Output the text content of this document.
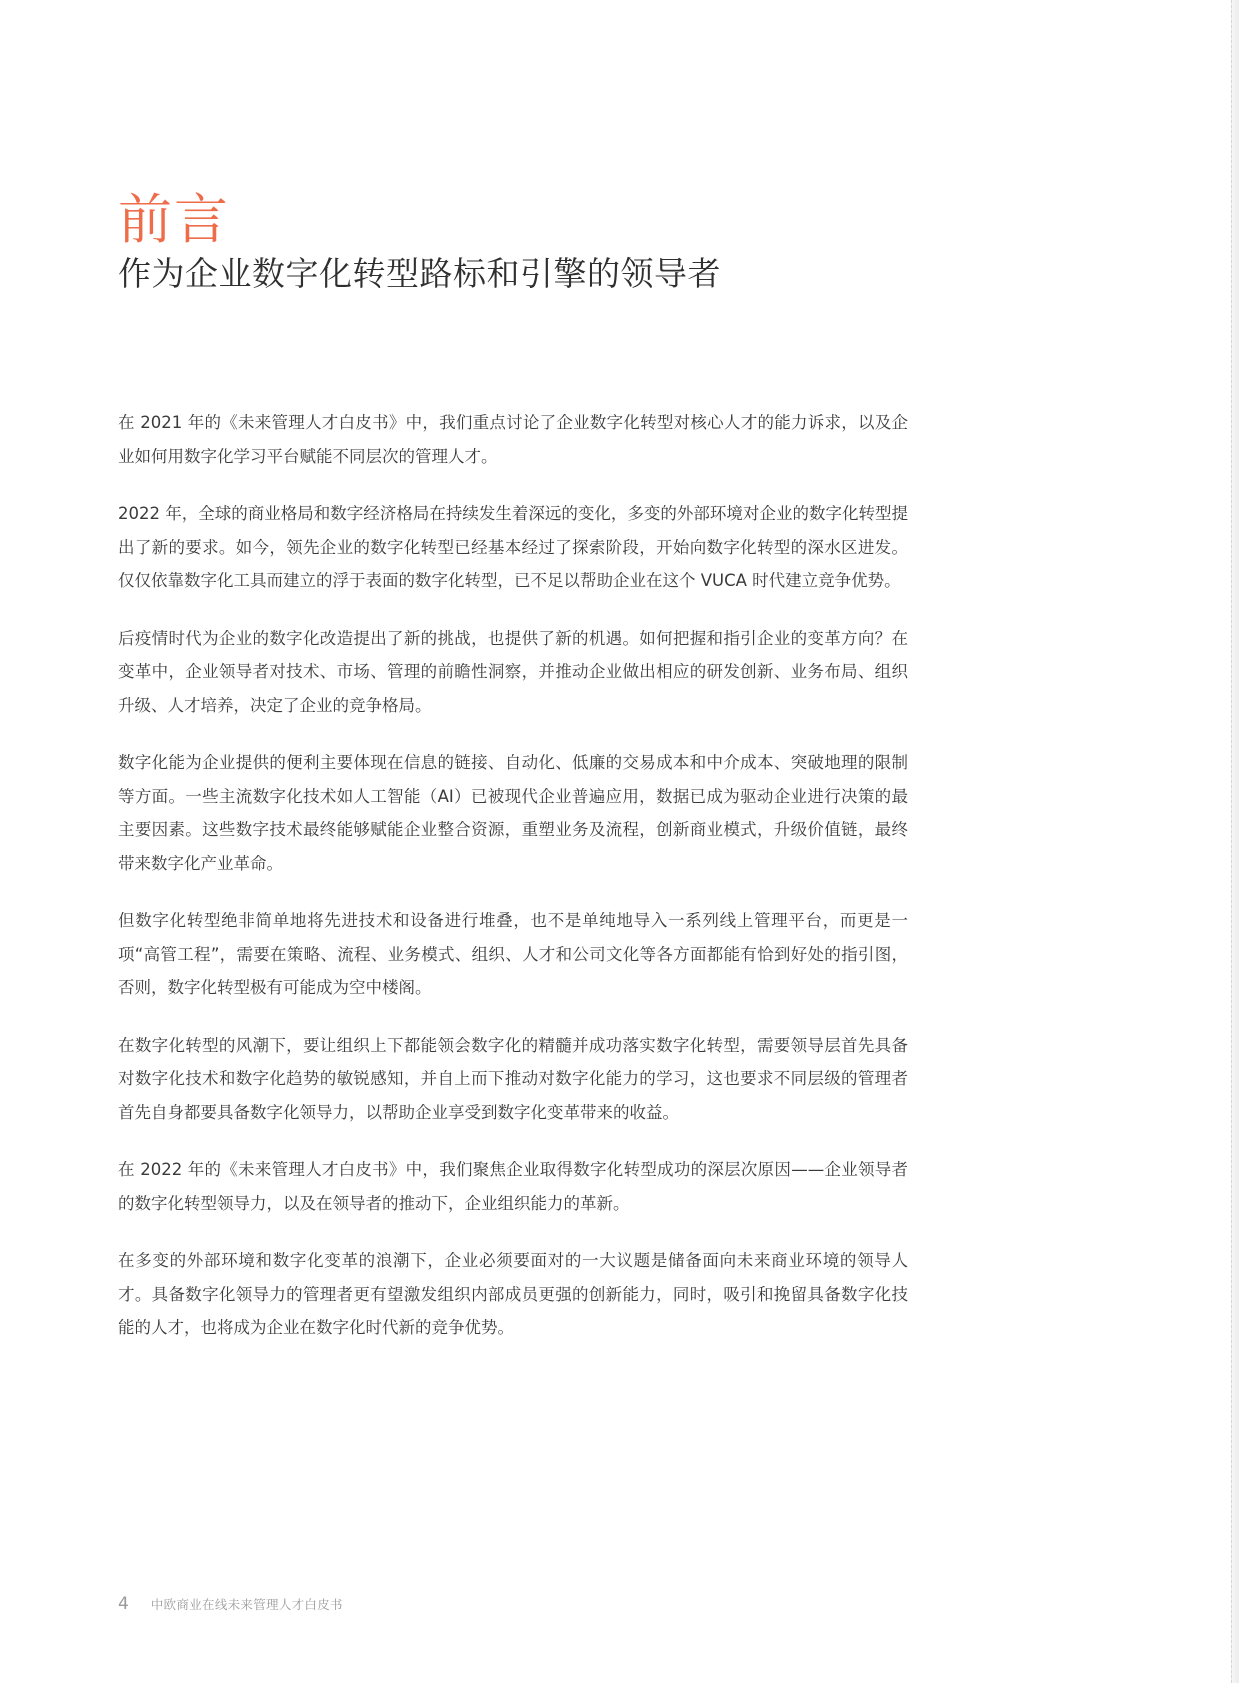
前言
作为企业数字化转型路标和引擎的领导者

在 2021 年的《未来管理人才白皮书》中，我们重点讨论了企业数字化转型对核心人才的能力诉求，以及企业如何用数字化学习平台赋能不同层次的管理人才。

2022 年，全球的商业格局和数字经济格局在持续发生着深远的变化，多变的外部环境对企业的数字化转型提出了新的要求。如今，领先企业的数字化转型已经基本经过了探索阶段，开始向数字化转型的深水区进发。仅仅依靠数字化工具而建立的浮于表面的数字化转型，已不足以帮助企业在这个 VUCA 时代建立竞争优势。

后疫情时代为企业的数字化改造提出了新的挑战，也提供了新的机遇。如何把握和指引企业的变革方向？在变革中，企业领导者对技术、市场、管理的前瞻性洞察，并推动企业做出相应的研发创新、业务布局、组织升级、人才培养，决定了企业的竞争格局。

数字化能为企业提供的便利主要体现在信息的链接、自动化、低廉的交易成本和中介成本、突破地理的限制等方面。一些主流数字化技术如人工智能（AI）已被现代企业普遍应用，数据已成为驱动企业进行决策的最主要因素。这些数字技术最终能够赋能企业整合资源，重塑业务及流程，创新商业模式，升级价值链，最终带来数字化产业革命。

但数字化转型绝非简单地将先进技术和设备进行堆叠，也不是单纯地导入一系列线上管理平台，而更是一项“高管工程”，需要在策略、流程、业务模式、组织、人才和公司文化等各方面都能有恰到好处的指引图，否则，数字化转型极有可能成为空中楼阁。

在数字化转型的风潮下，要让组织上下都能领会数字化的精髓并成功落实数字化转型，需要领导层首先具备对数字化技术和数字化趋势的敏锐感知，并自上而下推动对数字化能力的学习，这也要求不同层级的管理者首先自身都要具备数字化领导力，以帮助企业享受到数字化变革带来的收益。

在 2022 年的《未来管理人才白皮书》中，我们聚焦企业取得数字化转型成功的深层次原因——企业领导者的数字化转型领导力，以及在领导者的推动下，企业组织能力的革新。

在多变的外部环境和数字化变革的浪潮下，企业必须要面对的一大议题是储备面向未来商业环境的领导人才。具备数字化领导力的管理者更有望激发组织内部成员更强的创新能力，同时，吸引和挽留具备数字化技能的人才，也将成为企业在数字化时代新的竞争优势。

4 中欧商业在线未来管理人才白皮书
